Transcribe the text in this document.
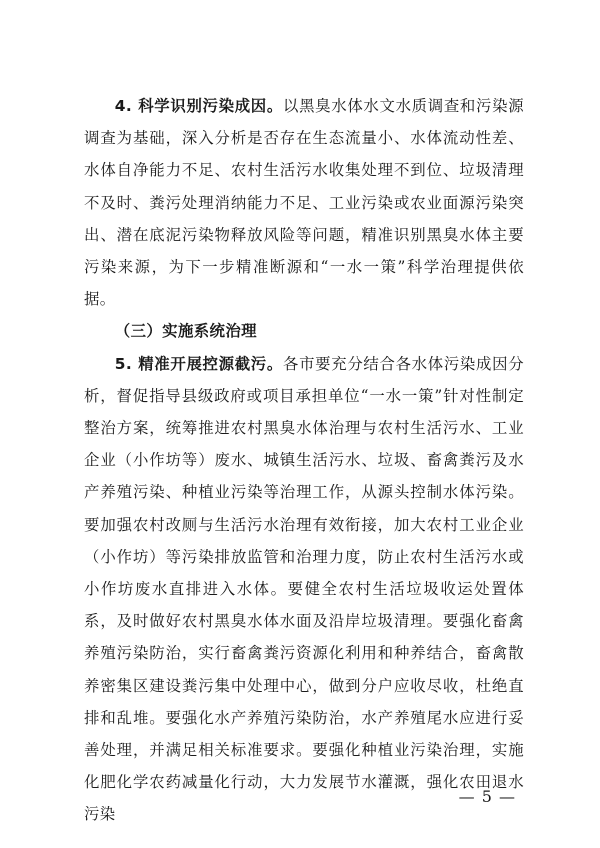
4. 科学识别污染成因。以黑臭水体水文水质调查和污染源调查为基础，深入分析是否存在生态流量小、水体流动性差、水体自净能力不足、农村生活污水收集处理不到位、垃圾清理不及时、粪污处理消纳能力不足、工业污染或农业面源污染突出、潜在底泥污染物释放风险等问题，精准识别黑臭水体主要污染来源，为下一步精准断源和“一水一策”科学治理提供依据。

（三）实施系统治理

5. 精准开展控源截污。各市要充分结合各水体污染成因分析，督促指导县级政府或项目承担单位“一水一策”针对性制定整治方案，统筹推进农村黑臭水体治理与农村生活污水、工业企业（小作坊等）废水、城镇生活污水、垃圾、畜禽粪污及水产养殖污染、种植业污染等治理工作，从源头控制水体污染。要加强农村改厕与生活污水治理有效衔接，加大农村工业企业（小作坊）等污染排放监管和治理力度，防止农村生活污水或小作坊废水直排进入水体。要健全农村生活垃圾收运处置体系，及时做好农村黑臭水体水面及沿岸垃圾清理。要强化畜禽养殖污染防治，实行畜禽粪污资源化利用和种养结合，畜禽散养密集区建设粪污集中处理中心，做到分户应收尽收，杜绝直排和乱堆。要强化水产养殖污染防治，水产养殖尾水应进行妥善处理，并满足相关标准要求。要强化种植业污染治理，实施化肥化学农药减量化行动，大力发展节水灌溉，强化农田退水污染

— 5 —
